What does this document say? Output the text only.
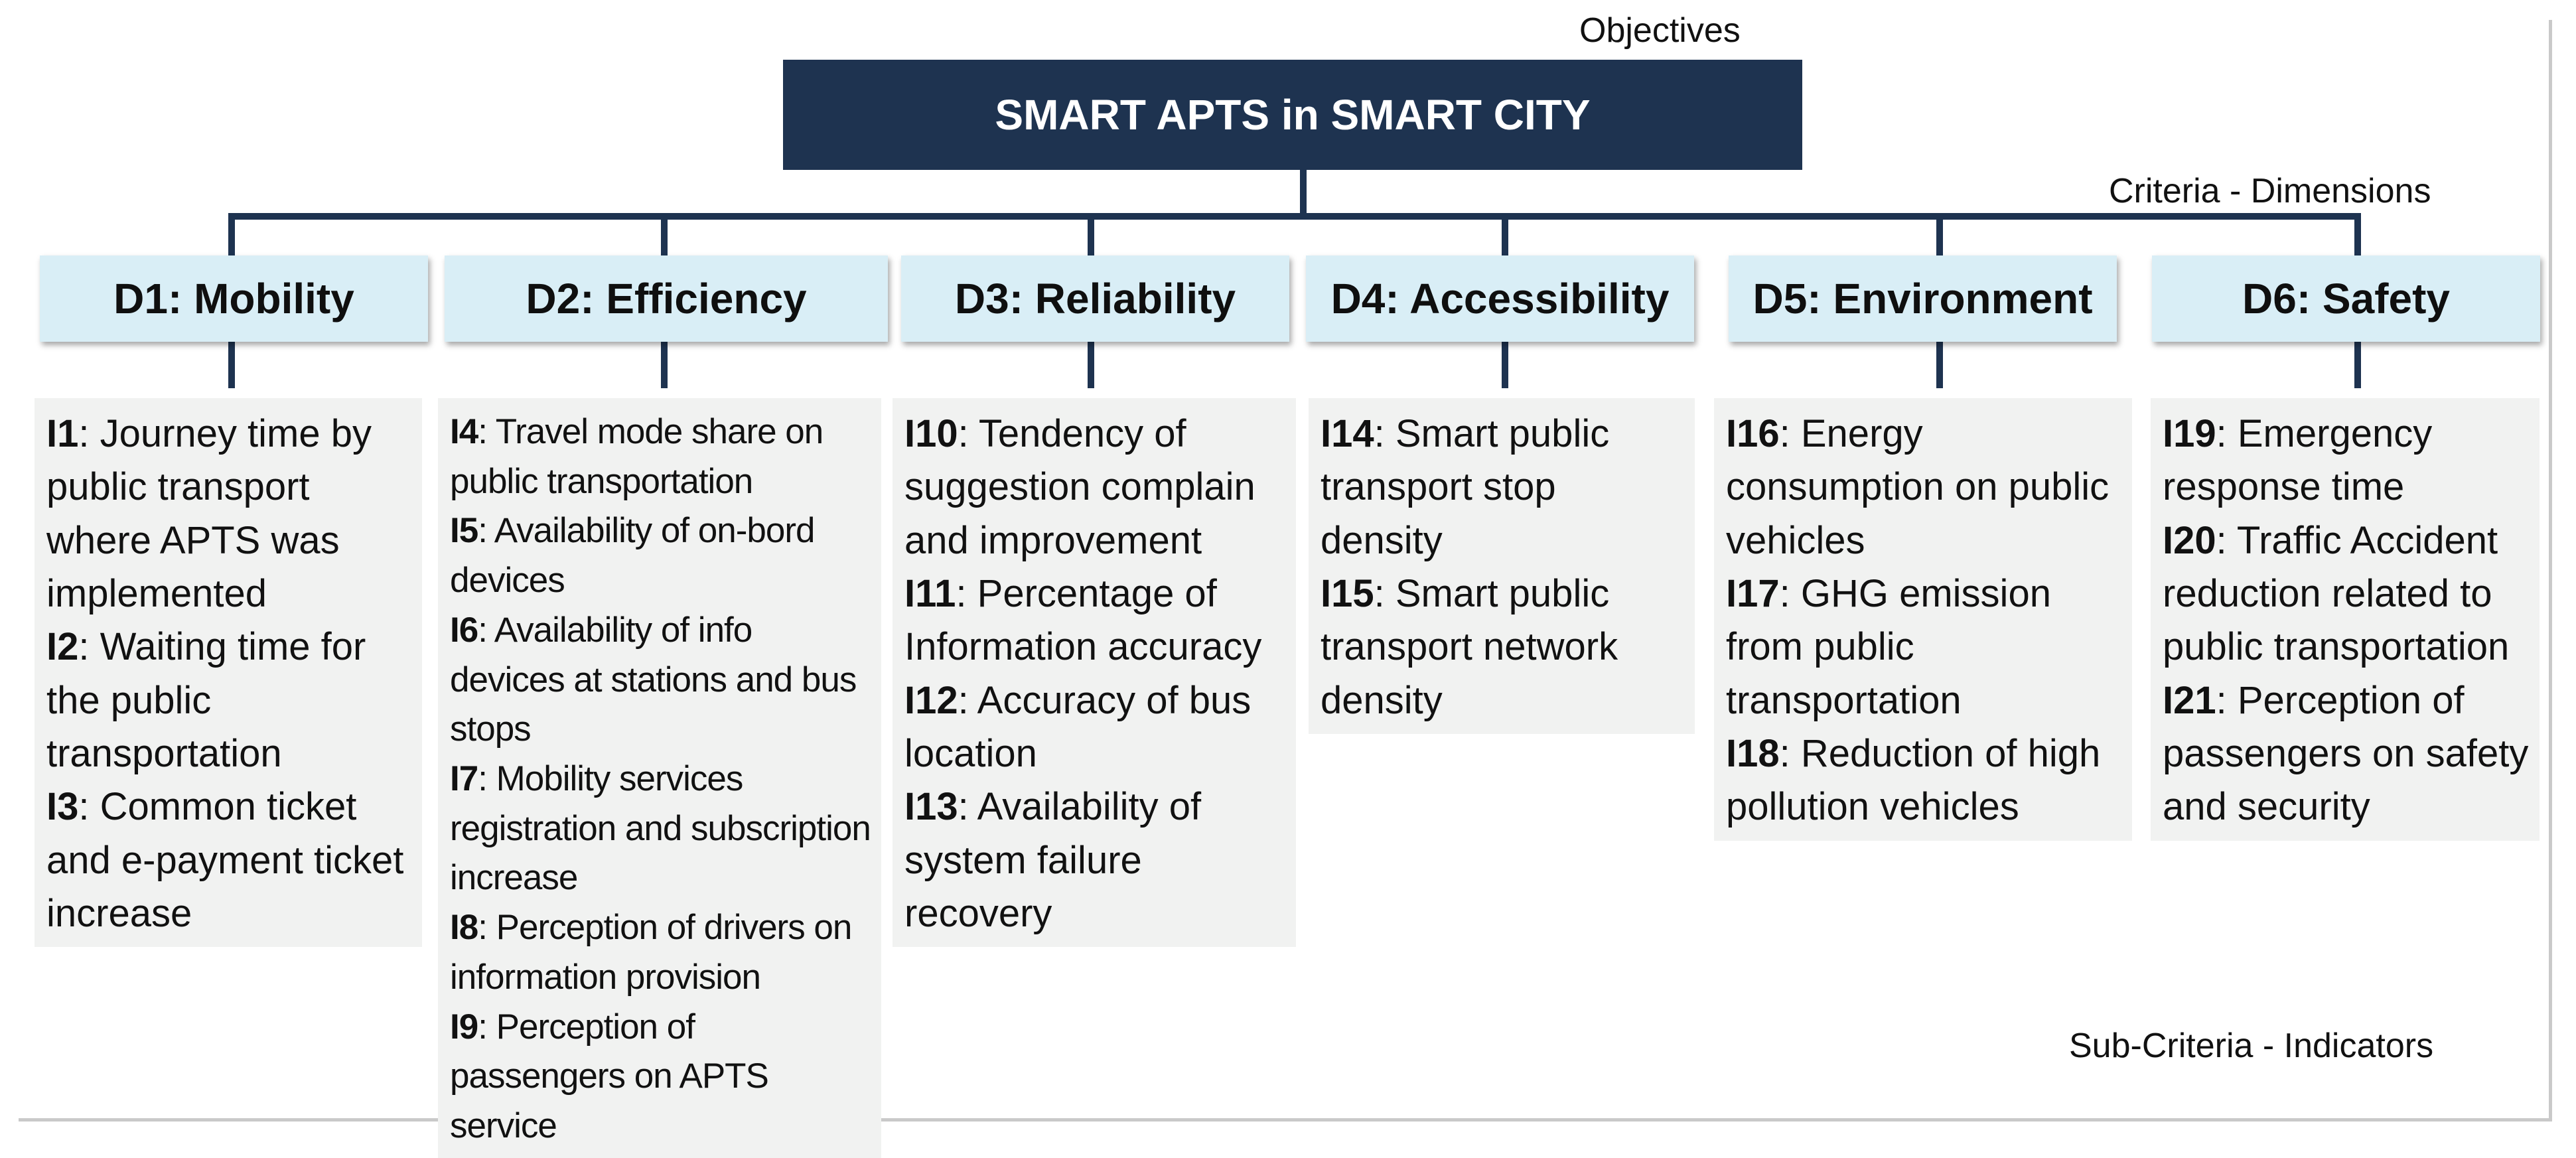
Objectives
Criteria - Dimensions
Sub-Criteria - Indicators
SMART APTS in SMART CITY
D1: Mobility	D2: Efficiency	D3: Reliability D4: Accessibility D5: Environment	D6: Safety
I1: Journey time by public transport where APTS was implemented
I2: Waiting time for the public transportation
I3: Common ticket and e-payment ticket increase
I4: Travel mode share on public transportation
I5: Availability of on-bord devices
I6: Availability of info devices at stations and bus stops
I7: Mobility services registration and subscription increase
I8: Perception of drivers on information provision
I9: Perception of passengers on APTS service
I10: Tendency of suggestion complain and improvement
I11: Percentage of Information accuracy
I12: Accuracy of bus location
I13: Availability of system failure recovery
I14: Smart public transport stop density
I15: Smart public transport network density
I16: Energy consumption on public vehicles
I17: GHG emission from public transportation
I18: Reduction of high pollution vehicles
I19: Emergency response time
I20: Traffic Accident reduction related to public transportation
I21: Perception of passengers on safety and security
